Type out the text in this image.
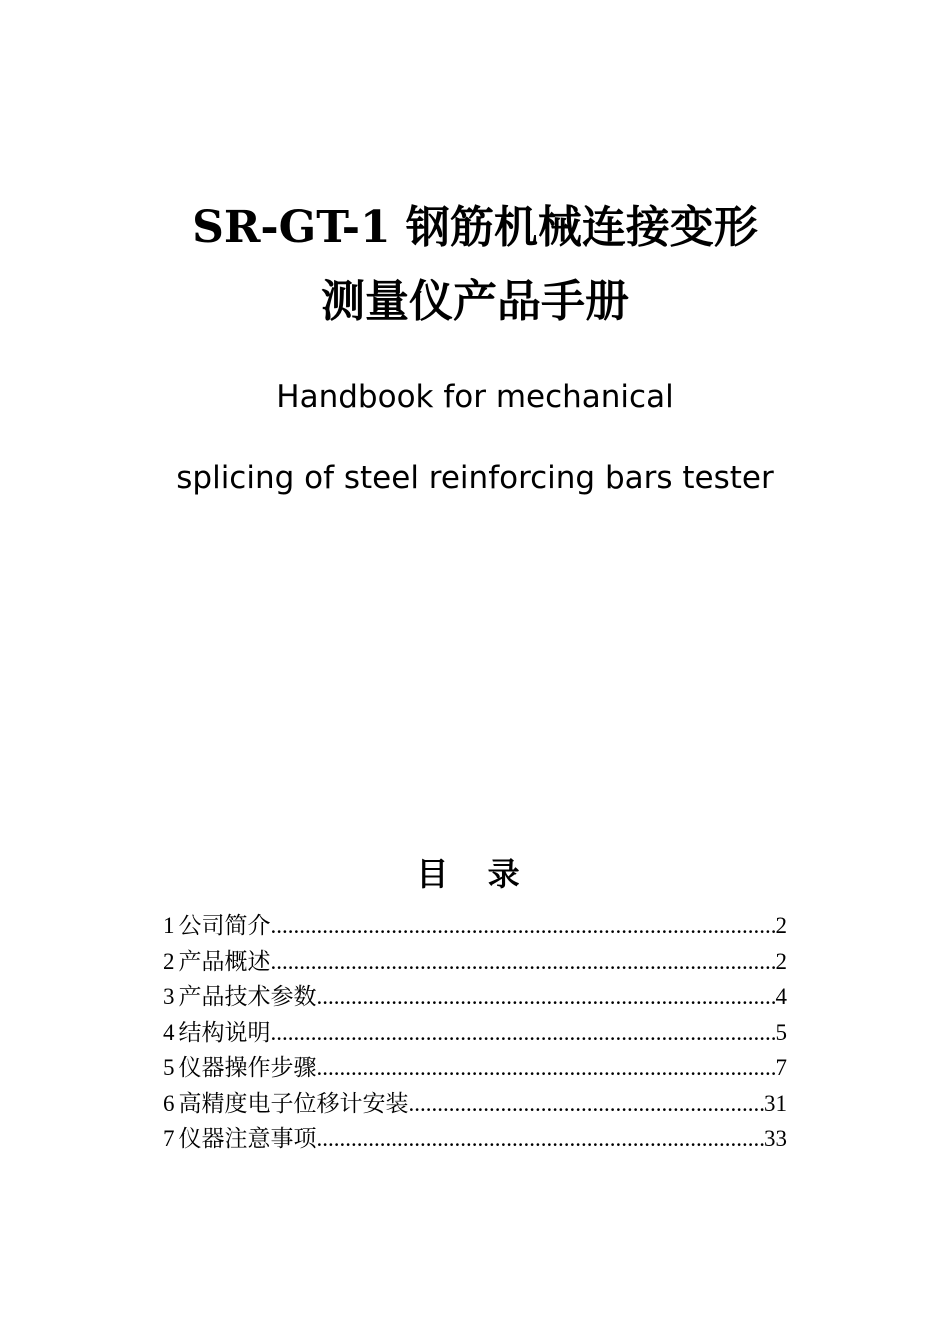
SR-GT-1 钢筋机械连接变形
测量仪产品手册
Handbook for mechanical
splicing of steel reinforcing bars tester
目 录
1 公司简介 .....	2
2 产品概述 .....	2
3 产品技术参数 .....	4
4 结构说明 .....	5
5 仪器操作步骤 .....	7
6 高精度电子位移计安装 .....	31
7 仪器注意事项 .....	33
